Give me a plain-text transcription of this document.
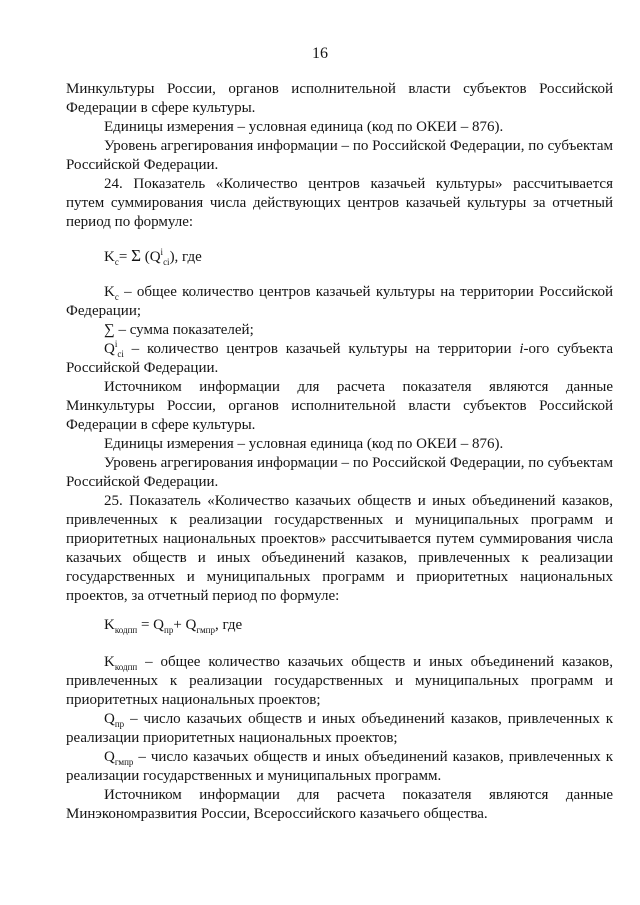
16

Минкультуры России, органов исполнительной власти субъектов Российской Федерации в сфере культуры.

Единицы измерения – условная единица (код по ОКЕИ – 876).

Уровень агрегирования информации – по Российской Федерации, по субъектам Российской Федерации.

24. Показатель «Количество центров казачьей культуры» рассчитывается путем суммирования числа действующих центров казачьей культуры за отчетный период по формуле:

$K_c= \Sigma$ $(Q^i_{ci})$, где

$K_c$ – общее количество центров казачьей культуры на территории Российской Федерации;

∑ – сумма показателей;

$Q^i_{ci}$ – количество центров казачьей культуры на территории i-ого субъекта Российской Федерации.

Источником информации для расчета показателя являются данные Минкультуры России, органов исполнительной власти субъектов Российской Федерации в сфере культуры.

Единицы измерения – условная единица (код по ОКЕИ – 876).

Уровень агрегирования информации – по Российской Федерации, по субъектам Российской Федерации.

25. Показатель «Количество казачьих обществ и иных объединений казаков, привлеченных к реализации государственных и муниципальных программ и приоритетных национальных проектов» рассчитывается путем суммирования числа казачьих обществ и иных объединений казаков, привлеченных к реализации государственных и муниципальных программ и приоритетных национальных проектов, за отчетный период по формуле:

$K_{кодпп} = Q_{пр}+ Q_{гмпр}$, где

$K_{кодпп}$ – общее количество казачьих обществ и иных объединений казаков, привлеченных к реализации государственных и муниципальных программ и приоритетных национальных проектов;

$Q_{пр}$ – число казачьих обществ и иных объединений казаков, привлеченных к реализации приоритетных национальных проектов;

$Q_{гмпр}$ – число казачьих обществ и иных объединений казаков, привлеченных к реализации государственных и муниципальных программ.

Источником информации для расчета показателя являются данные Минэкономразвития России, Всероссийского казачьего общества.
